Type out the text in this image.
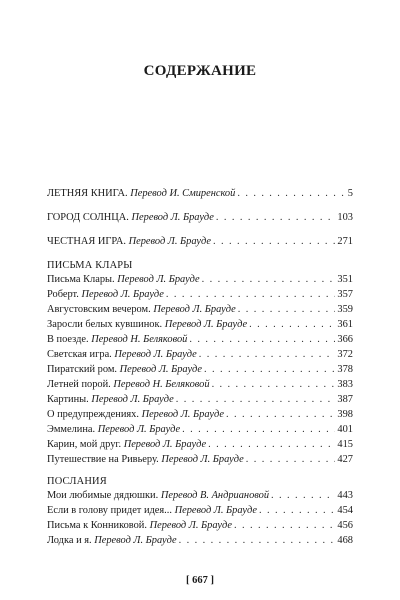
СОДЕРЖАНИЕ
ЛЕТНЯЯ КНИГА. Перевод И. Смиренской . . .	5
ГОРОД СОЛНЦА. Перевод Л. Брауде . . .	103
ЧЕСТНАЯ ИГРА. Перевод Л. Брауде . . .	271
ПИСЬМА КЛАРЫ
Письма Клары. Перевод Л. Брауде . . .	351
Роберт. Перевод Л. Брауде . . .	357
Августовским вечером. Перевод Л. Брауде . . .	359
Заросли белых кувшинок. Перевод Л. Брауде . . .	361
В поезде. Перевод Н. Беляковой . . .	366
Светская игра. Перевод Л. Брауде . . .	372
Пиратский ром. Перевод Л. Брауде . . .	378
Летней порой. Перевод Н. Беляковой . . .	383
Картины. Перевод Л. Брауде . . .	387
О предупреждениях. Перевод Л. Брауде . . .	398
Эммелина. Перевод Л. Брауде . . .	401
Карин, мой друг. Перевод Л. Брауде . . .	415
Путешествие на Ривьеру. Перевод Л. Брауде . . .	427
ПОСЛАНИЯ
Мои любимые дядюшки. Перевод В. Андриановой . . .	443
Если в голову придет идея... Перевод Л. Брауде . . .	454
Письма к Конниковой. Перевод Л. Брауде . . .	456
Лодка и я. Перевод Л. Брауде . . .	468
[ 667 ]
